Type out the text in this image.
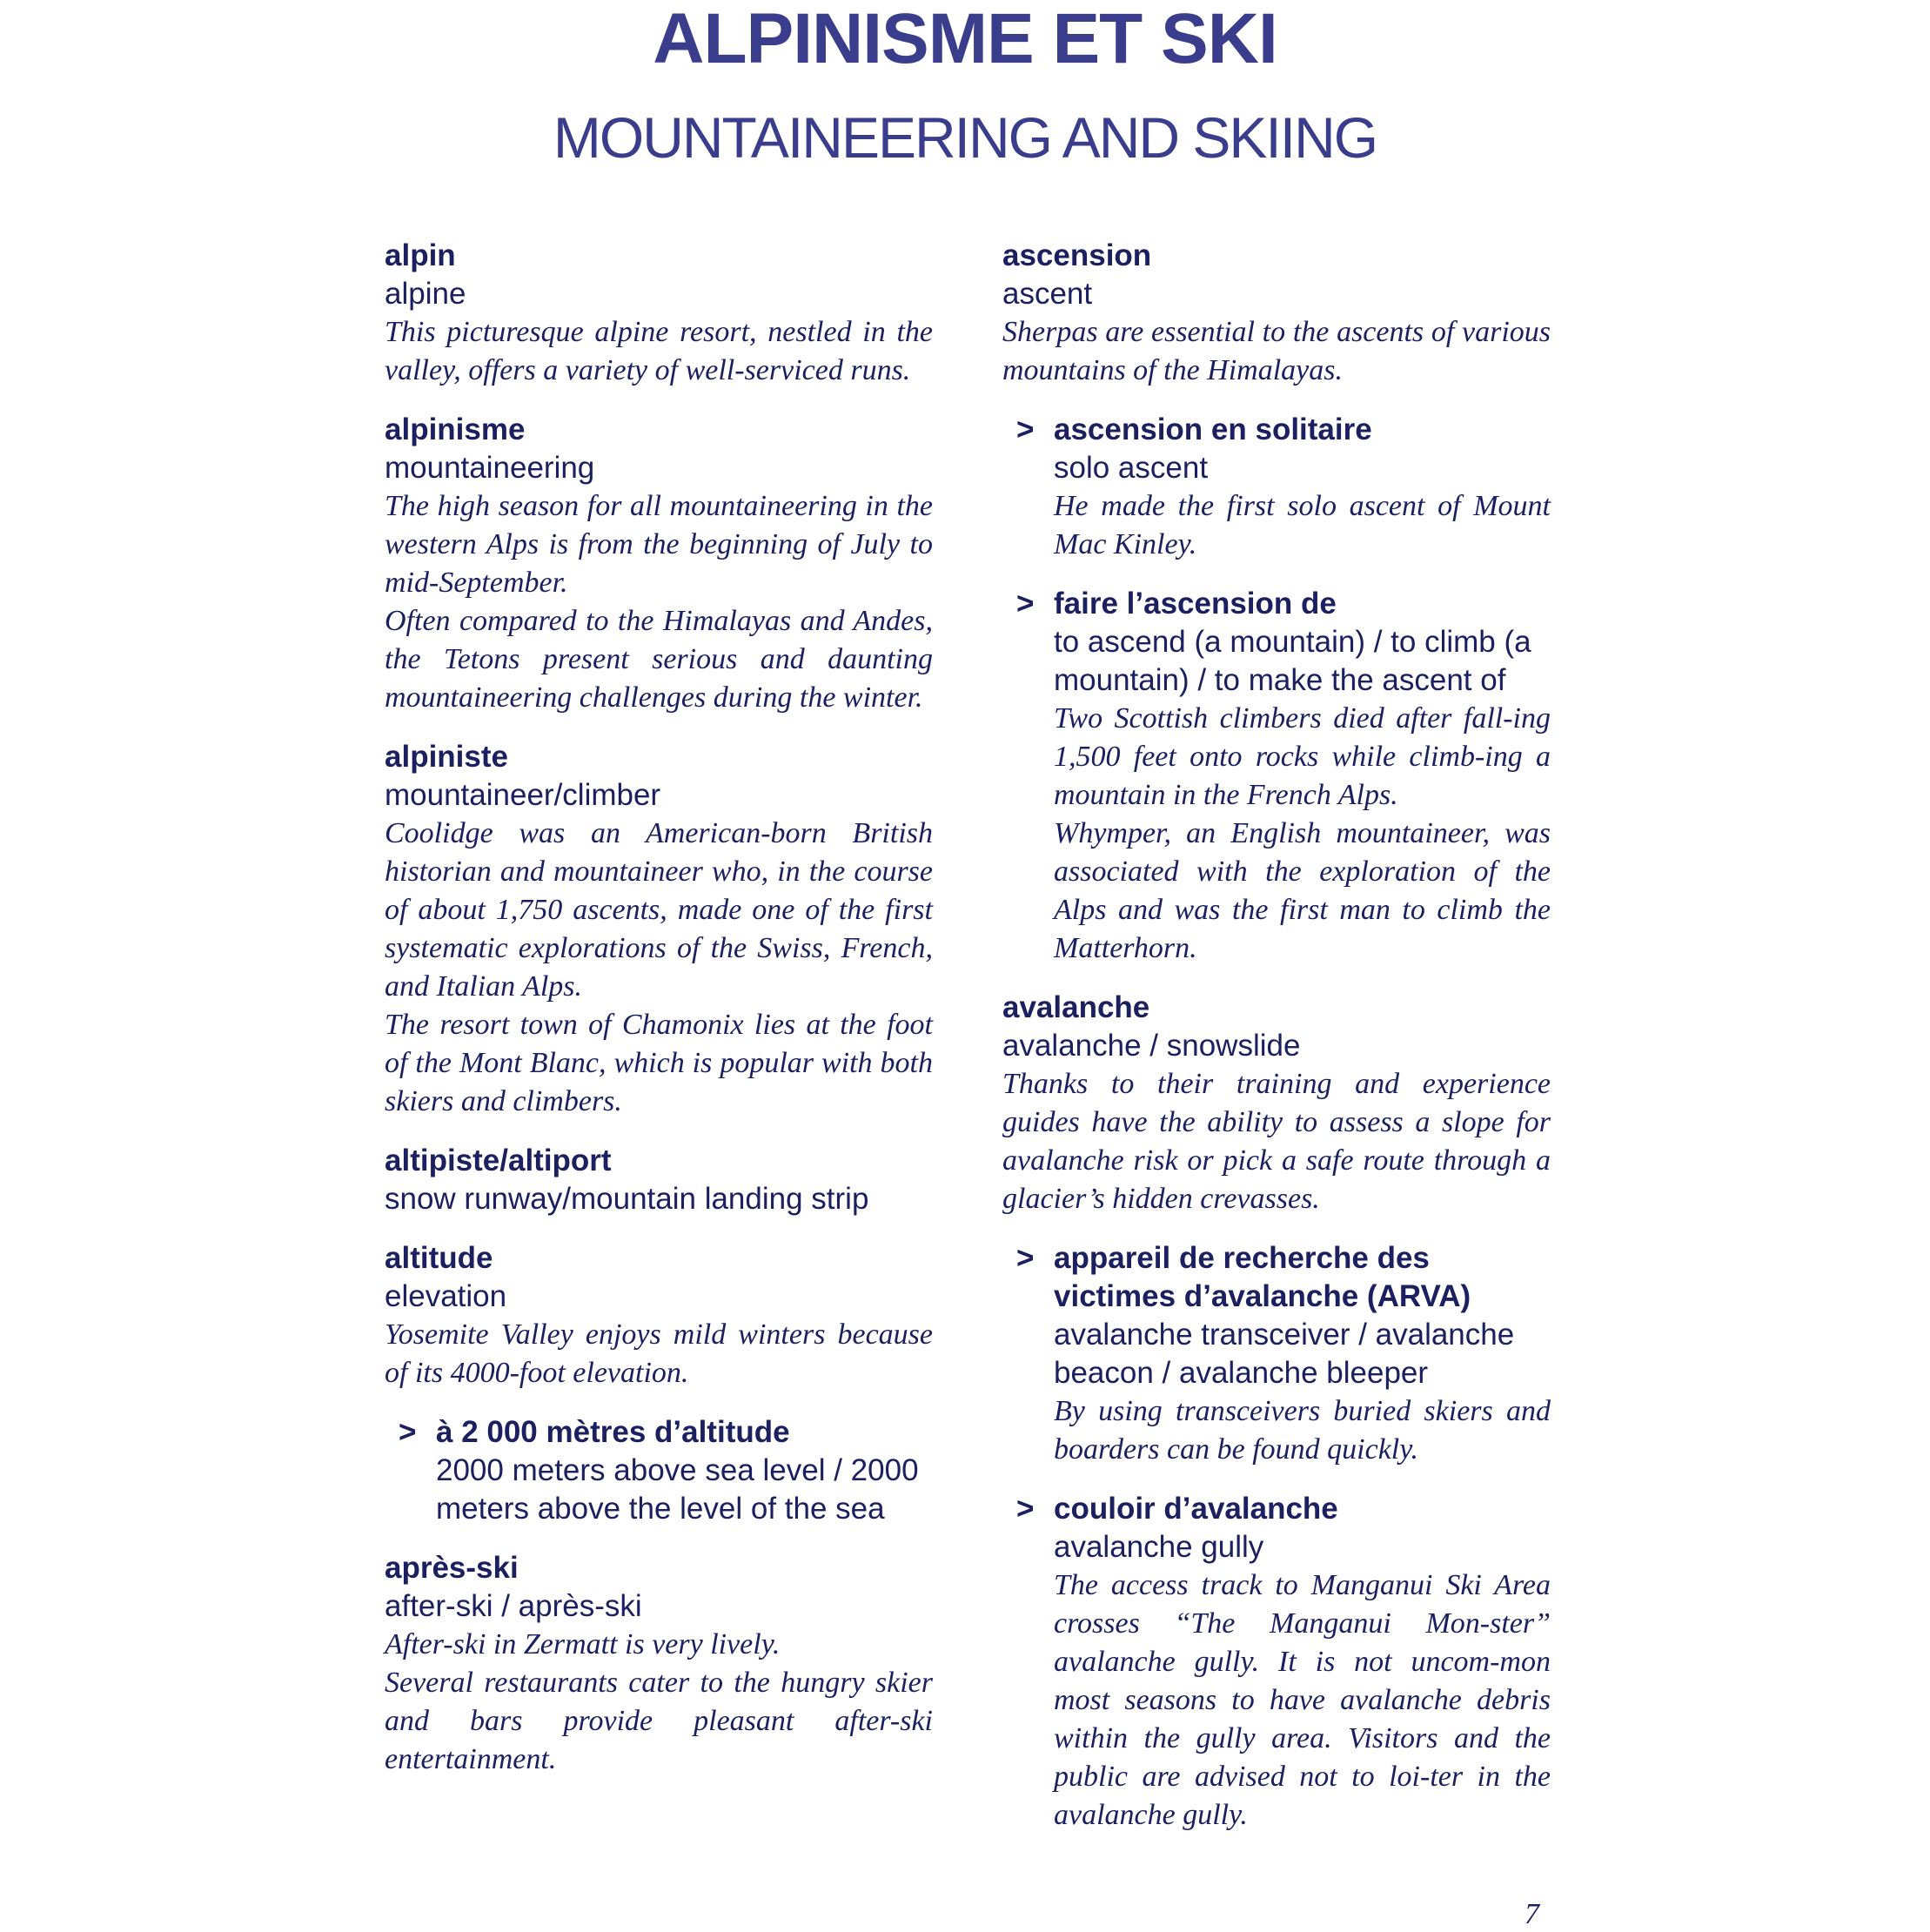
ALPINISME ET SKI
MOUNTAINEERING AND SKIING
alpin
alpine
This picturesque alpine resort, nestled in the valley, offers a variety of well-serviced runs.
alpinisme
mountaineering
The high season for all mountaineering in the western Alps is from the beginning of July to mid-September.
Often compared to the Himalayas and Andes, the Tetons present serious and daunting mountaineering challenges during the winter.
alpiniste
mountaineer/climber
Coolidge was an American-born British historian and mountaineer who, in the course of about 1,750 ascents, made one of the first systematic explorations of the Swiss, French, and Italian Alps.
The resort town of Chamonix lies at the foot of the Mont Blanc, which is popular with both skiers and climbers.
altipiste/altiport
snow runway/mountain landing strip
altitude
elevation
Yosemite Valley enjoys mild winters because of its 4000-foot elevation.
> à 2 000 mètres d’altitude
2000 meters above sea level / 2000 meters above the level of the sea
après-ski
after-ski / après-ski
After-ski in Zermatt is very lively.
Several restaurants cater to the hungry skier and bars provide pleasant after-ski entertainment.
ascension
ascent
Sherpas are essential to the ascents of various mountains of the Himalayas.
> ascension en solitaire
solo ascent
He made the first solo ascent of Mount Mac Kinley.
> faire l’ascension de
to ascend (a mountain) / to climb (a mountain) / to make the ascent of
Two Scottish climbers died after fall-ing 1,500 feet onto rocks while climb-ing a mountain in the French Alps.
Whymper, an English mountaineer, was associated with the exploration of the Alps and was the first man to climb the Matterhorn.
avalanche
avalanche / snowslide
Thanks to their training and experience guides have the ability to assess a slope for avalanche risk or pick a safe route through a glacier’s hidden crevasses.
> appareil de recherche des victimes d’avalanche (ARVA)
avalanche transceiver / avalanche beacon / avalanche bleeper
By using transceivers buried skiers and boarders can be found quickly.
> couloir d’avalanche
avalanche gully
The access track to Manganui Ski Area crosses “The Manganui Mon-ster” avalanche gully. It is not uncom-mon most seasons to have avalanche debris within the gully area. Visitors and the public are advised not to loi-ter in the avalanche gully.
7
